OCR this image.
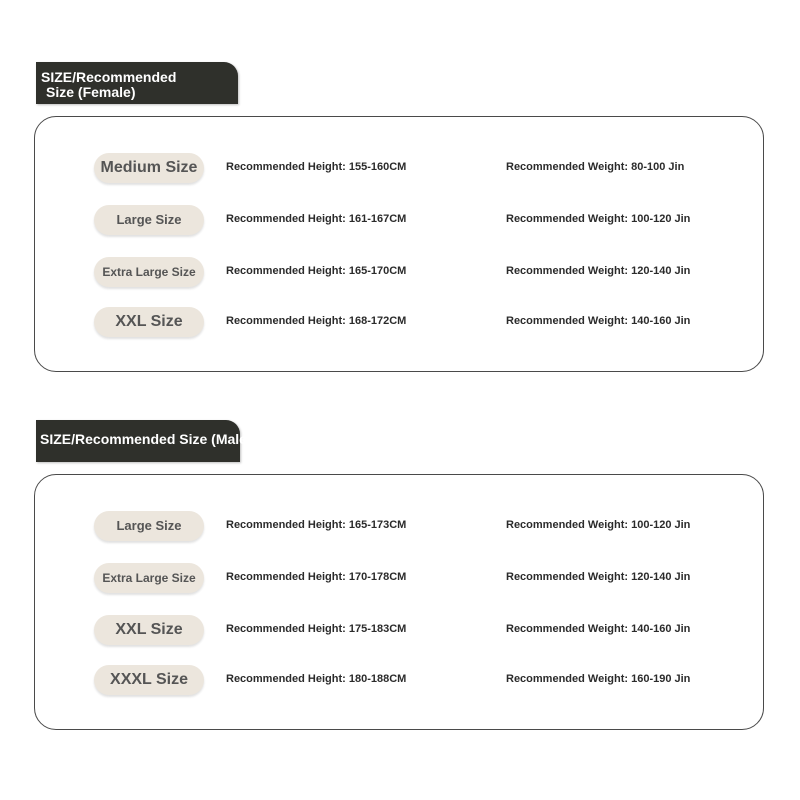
SIZE/Recommended
Size (Female)
Medium Size	Recommended Height: 155-160CM	Recommended Weight: 80-100 Jin
Large Size	Recommended Height: 161-167CM	Recommended Weight: 100-120 Jin
Extra Large Size	Recommended Height: 165-170CM	Recommended Weight: 120-140 Jin
XXL Size	Recommended Height: 168-172CM	Recommended Weight: 140-160 Jin
SIZE/Recommended Size (Male)
Large Size	Recommended Height: 165-173CM	Recommended Weight: 100-120 Jin
Extra Large Size	Recommended Height: 170-178CM	Recommended Weight: 120-140 Jin
XXL Size	Recommended Height: 175-183CM	Recommended Weight: 140-160 Jin
XXXL Size	Recommended Height: 180-188CM	Recommended Weight: 160-190 Jin
